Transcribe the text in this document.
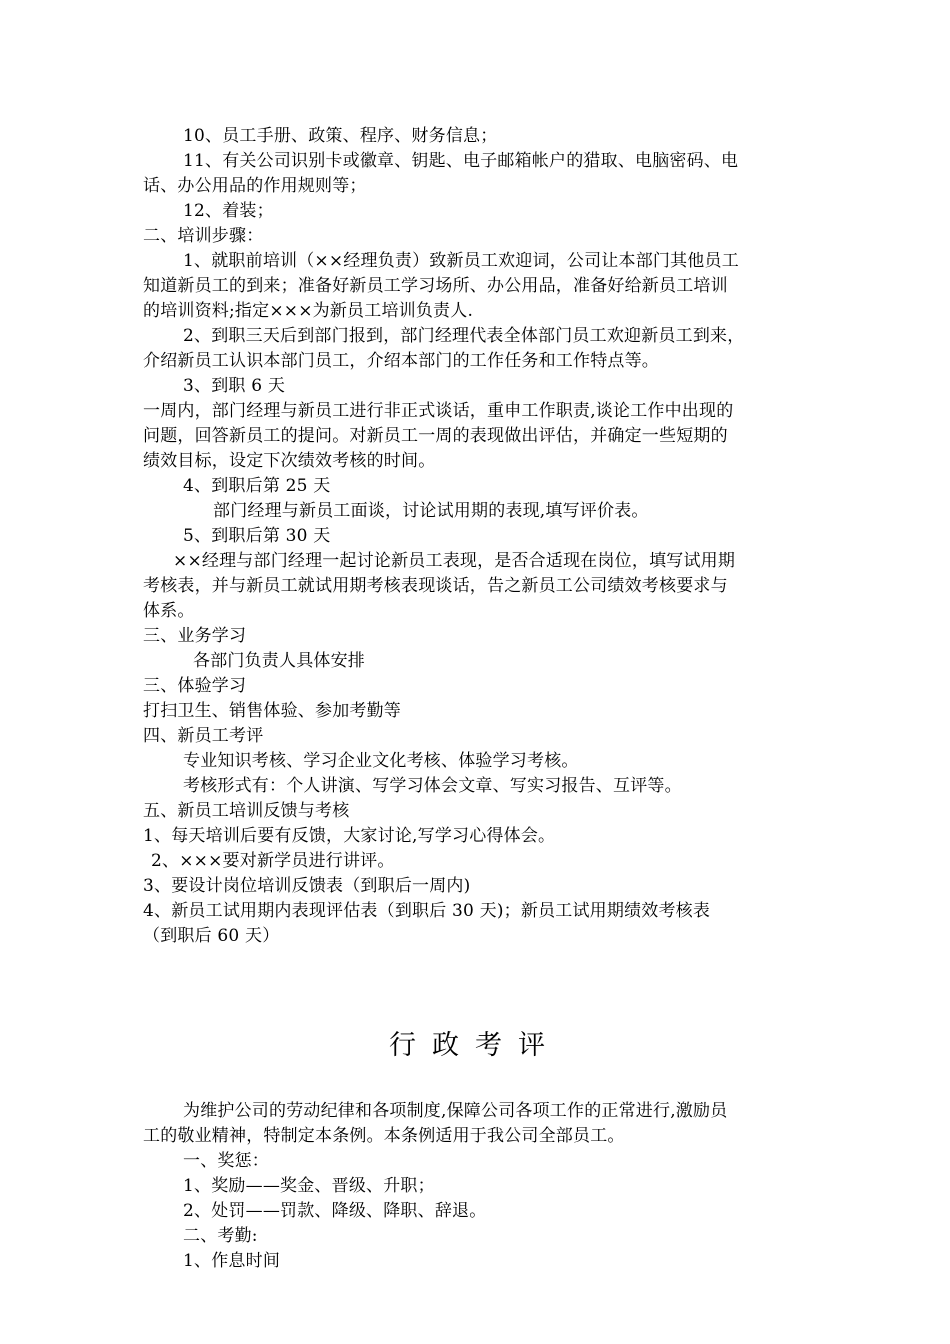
10、员工手册、政策、程序、财务信息；
11、有关公司识别卡或徽章、钥匙、电子邮箱帐户的猎取、电脑密码、电
话、办公用品的作用规则等；
12、着装；
二、培训步骤：
1、就职前培训（××经理负责）致新员工欢迎词，公司让本部门其他员工
知道新员工的到来；准备好新员工学习场所、办公用品，准备好给新员工培训
的培训资料;指定×××为新员工培训负责人.
2、到职三天后到部门报到，部门经理代表全体部门员工欢迎新员工到来，
介绍新员工认识本部门员工，介绍本部门的工作任务和工作特点等。
3、到职 6 天
一周内，部门经理与新员工进行非正式谈话，重申工作职责,谈论工作中出现的
问题，回答新员工的提问。对新员工一周的表现做出评估，并确定一些短期的
绩效目标，设定下次绩效考核的时间。
4、到职后第 25 天
部门经理与新员工面谈，讨论试用期的表现,填写评价表。
5、到职后第 30 天
××经理与部门经理一起讨论新员工表现，是否合适现在岗位，填写试用期
考核表，并与新员工就试用期考核表现谈话，告之新员工公司绩效考核要求与
体系。
三、业务学习
各部门负责人具体安排
三、体验学习
打扫卫生、销售体验、参加考勤等
四、新员工考评
专业知识考核、学习企业文化考核、体验学习考核。
考核形式有：个人讲演、写学习体会文章、写实习报告、互评等。
五、新员工培训反馈与考核
1、每天培训后要有反馈，大家讨论,写学习心得体会。
2、×××要对新学员进行讲评。
3、要设计岗位培训反馈表（到职后一周内)
4、新员工试用期内表现评估表（到职后 30 天)；新员工试用期绩效考核表
（到职后 60 天）
行政考评
为维护公司的劳动纪律和各项制度,保障公司各项工作的正常进行,激励员
工的敬业精神，特制定本条例。本条例适用于我公司全部员工。
一、奖惩：
1、奖励——奖金、晋级、升职；
2、处罚——罚款、降级、降职、辞退。
二、考勤:
1、作息时间
